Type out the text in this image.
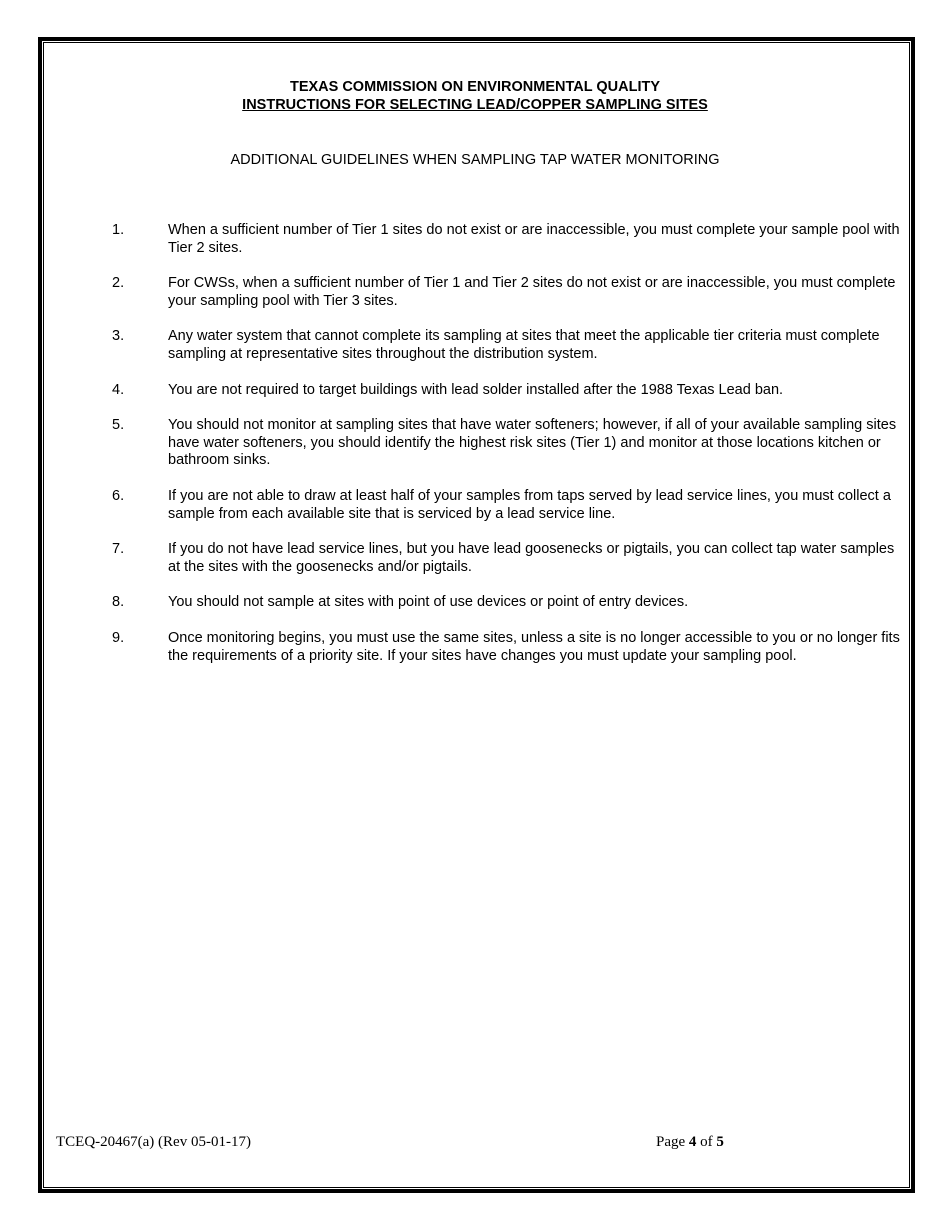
TEXAS COMMISSION ON ENVIRONMENTAL QUALITY
INSTRUCTIONS FOR SELECTING LEAD/COPPER SAMPLING SITES
ADDITIONAL GUIDELINES WHEN SAMPLING TAP WATER MONITORING
1.	When a sufficient number of Tier 1 sites do not exist or are inaccessible, you must complete your sample pool with Tier 2 sites.
2.	For CWSs, when a sufficient number of Tier 1 and Tier 2 sites do not exist or are inaccessible, you must complete your sampling pool with Tier 3 sites.
3.	Any water system that cannot complete its sampling at sites that meet the applicable tier criteria must complete sampling at representative sites throughout the distribution system.
4.	You are not required to target buildings with lead solder installed after the 1988 Texas Lead ban.
5.	You should not monitor at sampling sites that have water softeners; however, if all of your available sampling sites have water softeners, you should identify the highest risk sites (Tier 1) and monitor at those locations kitchen or bathroom sinks.
6.	If you are not able to draw at least half of your samples from taps served by lead service lines, you must collect a sample from each available site that is serviced by a lead service line.
7.	If you do not have lead service lines, but you have lead goosenecks or pigtails, you can collect tap water samples at the sites with the goosenecks and/or pigtails.
8.	You should not sample at sites with point of use devices or point of entry devices.
9.	Once monitoring begins, you must use the same sites, unless a site is no longer accessible to you or no longer fits the requirements of a priority site. If your sites have changes you must update your sampling pool.
TCEQ-20467(a) (Rev 05-01-17)	Page 4 of 5
